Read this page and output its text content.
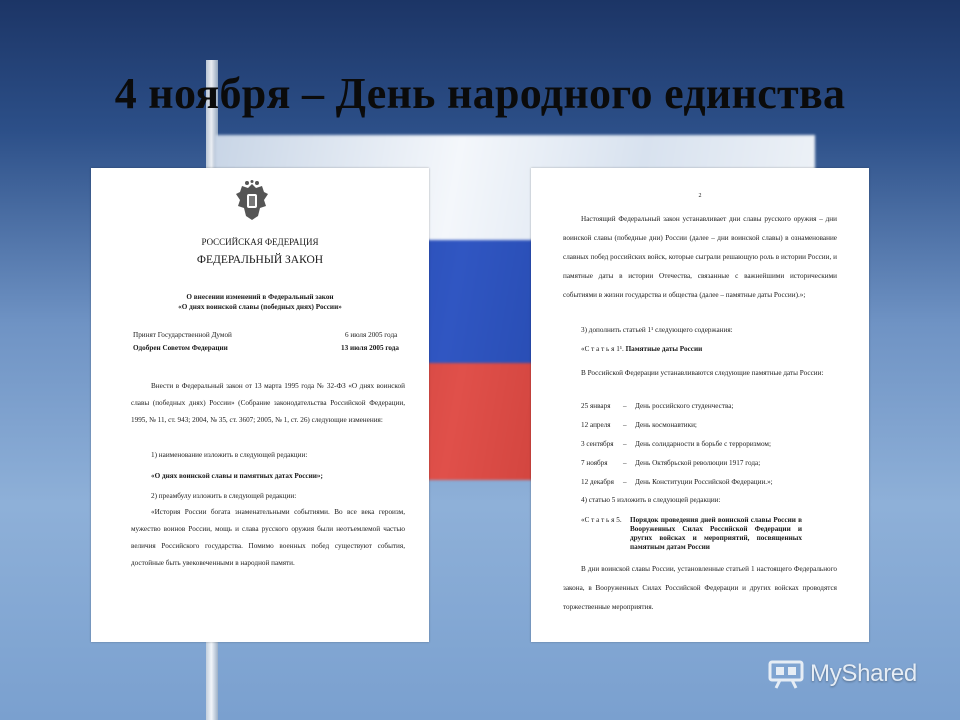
4 ноября – День народного единства
РОССИЙСКАЯ ФЕДЕРАЦИЯ
ФЕДЕРАЛЬНЫЙ ЗАКОН
О внесении изменений в Федеральный закон
«О днях воинской славы (победных днях) России»
Принят Государственной Думой	6 июля 2005 года
Одобрен Советом Федерации	13 июля 2005 года
Внести в Федеральный закон от 13 марта 1995 года № 32-ФЗ «О днях воинской славы (победных днях) России» (Собрание законодательства Российской Федерации, 1995, № 11, ст. 943; 2004, № 35, ст. 3607; 2005, № 1, ст. 26) следующие изменения:
1) наименование изложить в следующей редакции:
«О днях воинской славы и памятных датах России»;
2) преамбулу изложить в следующей редакции:
«История России богата знаменательными событиями. Во все века героизм, мужество воинов России, мощь и слава русского оружия были неотъемлемой частью величия Российского государства. Помимо военных побед существуют события, достойные быть увековеченными в народной памяти.
2
Настоящий Федеральный закон устанавливает дни славы русского оружия – дни воинской славы (победные дни) России (далее – дни воинской славы) в ознаменование славных побед российских войск, которые сыграли решающую роль в истории России, и памятные даты в истории Отечества, связанные с важнейшими историческими событиями в жизни государства и общества (далее – памятные даты России).»;
3) дополнить статьей 1¹ следующего содержания:
«С т а т ь я 1¹. Памятные даты России
В Российской Федерации устанавливаются следующие памятные даты России:
25 января – День российского студенчества;
12 апреля – День космонавтики;
3 сентября – День солидарности в борьбе с терроризмом;
7 ноября – День Октябрьской революции 1917 года;
12 декабря – День Конституции Российской Федерации.»;
4) статью 5 изложить в следующей редакции:
«С т а т ь я 5. Порядок проведения дней воинской славы России в Вооруженных Силах Российской Федерации и других войсках и мероприятий, посвященных памятным датам России
В дни воинской славы России, установленные статьей 1 настоящего Федерального закона, в Вооруженных Силах Российской Федерации и других войсках проводятся торжественные мероприятия.
MyShared
